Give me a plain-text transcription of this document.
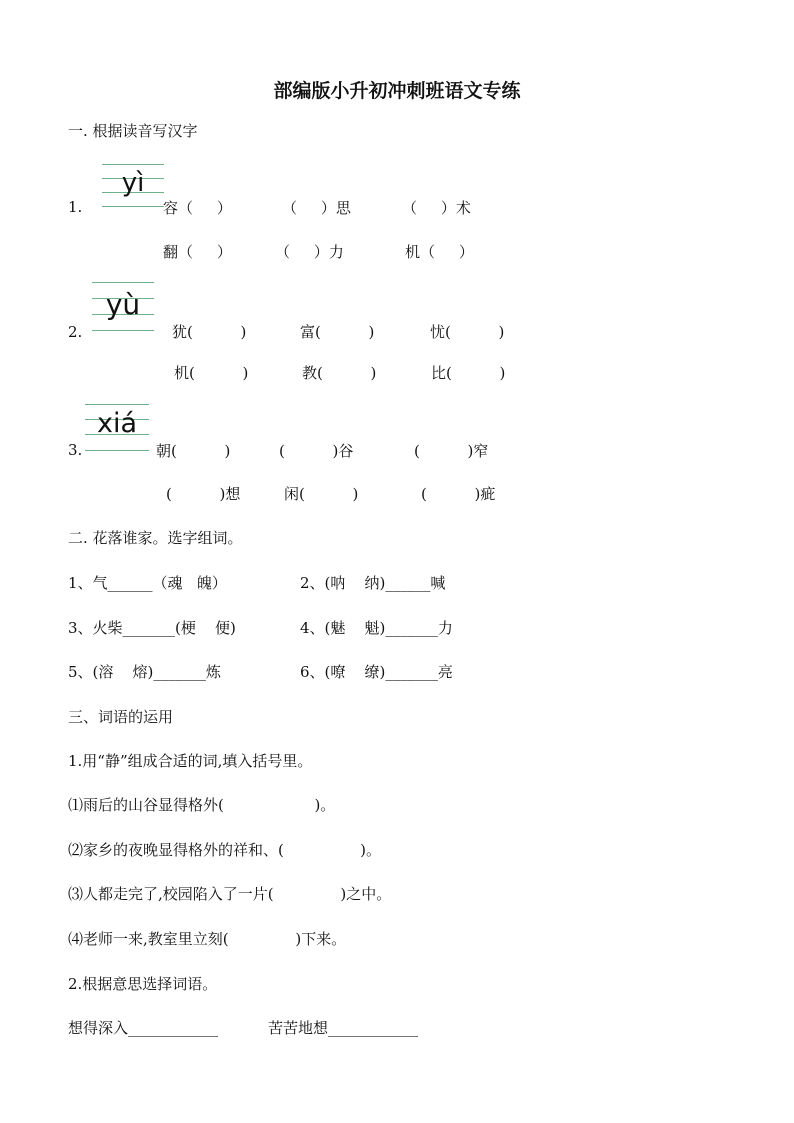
部编版小升初冲刺班语文专练
一. 根据读音写汉字
1.
yì
容（     ）	（     ）思	（     ）术
翻（     ）	（     ）力	机（     ）
2.
yù
犹(          )	富(          )	忧(          )
机(          )	教(          )	比(          )
3.
xiá
朝(          )	(          )谷	(          )窄
(          )想	闲(          )	(          )疵
二. 花落谁家。选字组词。
1、气______（魂   魄）	2、(呐    纳)______喊
3、火柴_______(梗    便)	4、(魅    魁)_______力
5、(溶    熔)_______炼	6、(嘹    缭)_______亮
三、词语的运用
1.用“静”组成合适的词,填入括号里。
⑴雨后的山谷显得格外(                   )。
⑵家乡的夜晚显得格外的祥和、(                )。
⑶人都走完了,校园陷入了一片(              )之中。
⑷老师一来,教室里立刻(              )下来。
2.根据意思选择词语。
想得深入____________	苦苦地想____________
